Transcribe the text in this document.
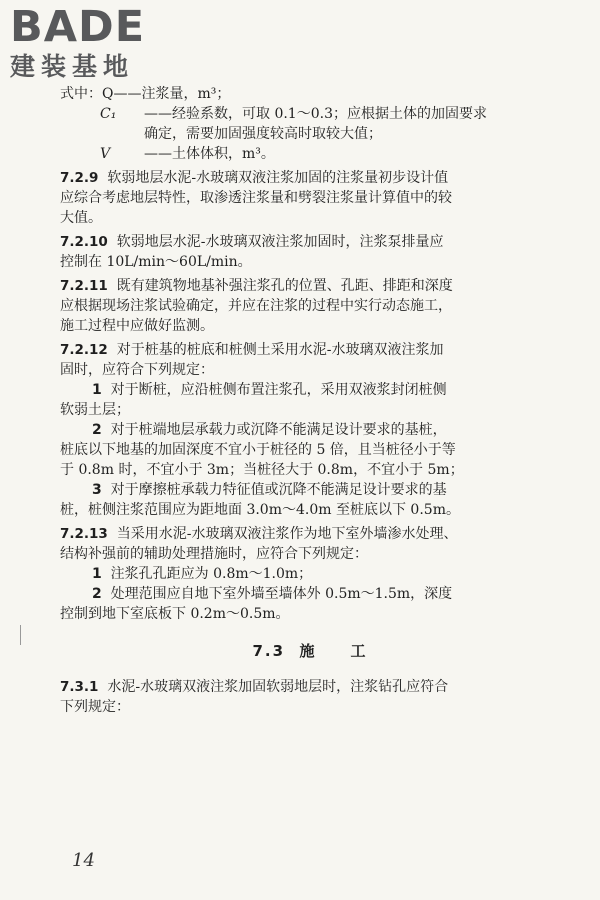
BADE
建装基地
式中：Q——注浆量，m³；
C₁ ——经验系数，可取 0.1～0.3；应根据土体的加固要求
确定，需要加固强度较高时取较大值；
V ——土体体积，m³。
7.2.9 软弱地层水泥-水玻璃双液注浆加固的注浆量初步设计值
应综合考虑地层特性，取渗透注浆量和劈裂注浆量计算值中的较
大值。
7.2.10 软弱地层水泥-水玻璃双液注浆加固时，注浆泵排量应
控制在 10L/min～60L/min。
7.2.11 既有建筑物地基补强注浆孔的位置、孔距、排距和深度
应根据现场注浆试验确定，并应在注浆的过程中实行动态施工，
施工过程中应做好监测。
7.2.12 对于桩基的桩底和桩侧土采用水泥-水玻璃双液注浆加
固时，应符合下列规定：
1 对于断桩，应沿桩侧布置注浆孔，采用双液浆封闭桩侧
软弱土层；
2 对于桩端地层承载力或沉降不能满足设计要求的基桩，
桩底以下地基的加固深度不宜小于桩径的 5 倍，且当桩径小于等
于 0.8m 时，不宜小于 3m；当桩径大于 0.8m，不宜小于 5m；
3 对于摩擦桩承载力特征值或沉降不能满足设计要求的基
桩，桩侧注浆范围应为距地面 3.0m～4.0m 至桩底以下 0.5m。
7.2.13 当采用水泥-水玻璃双液注浆作为地下室外墙渗水处理、
结构补强前的辅助处理措施时，应符合下列规定：
1 注浆孔孔距应为 0.8m～1.0m；
2 处理范围应自地下室外墙至墙体外 0.5m～1.5m，深度
控制到地下室底板下 0.2m～0.5m。
7.3 施 工
7.3.1 水泥-水玻璃双液注浆加固软弱地层时，注浆钻孔应符合
下列规定：
14
